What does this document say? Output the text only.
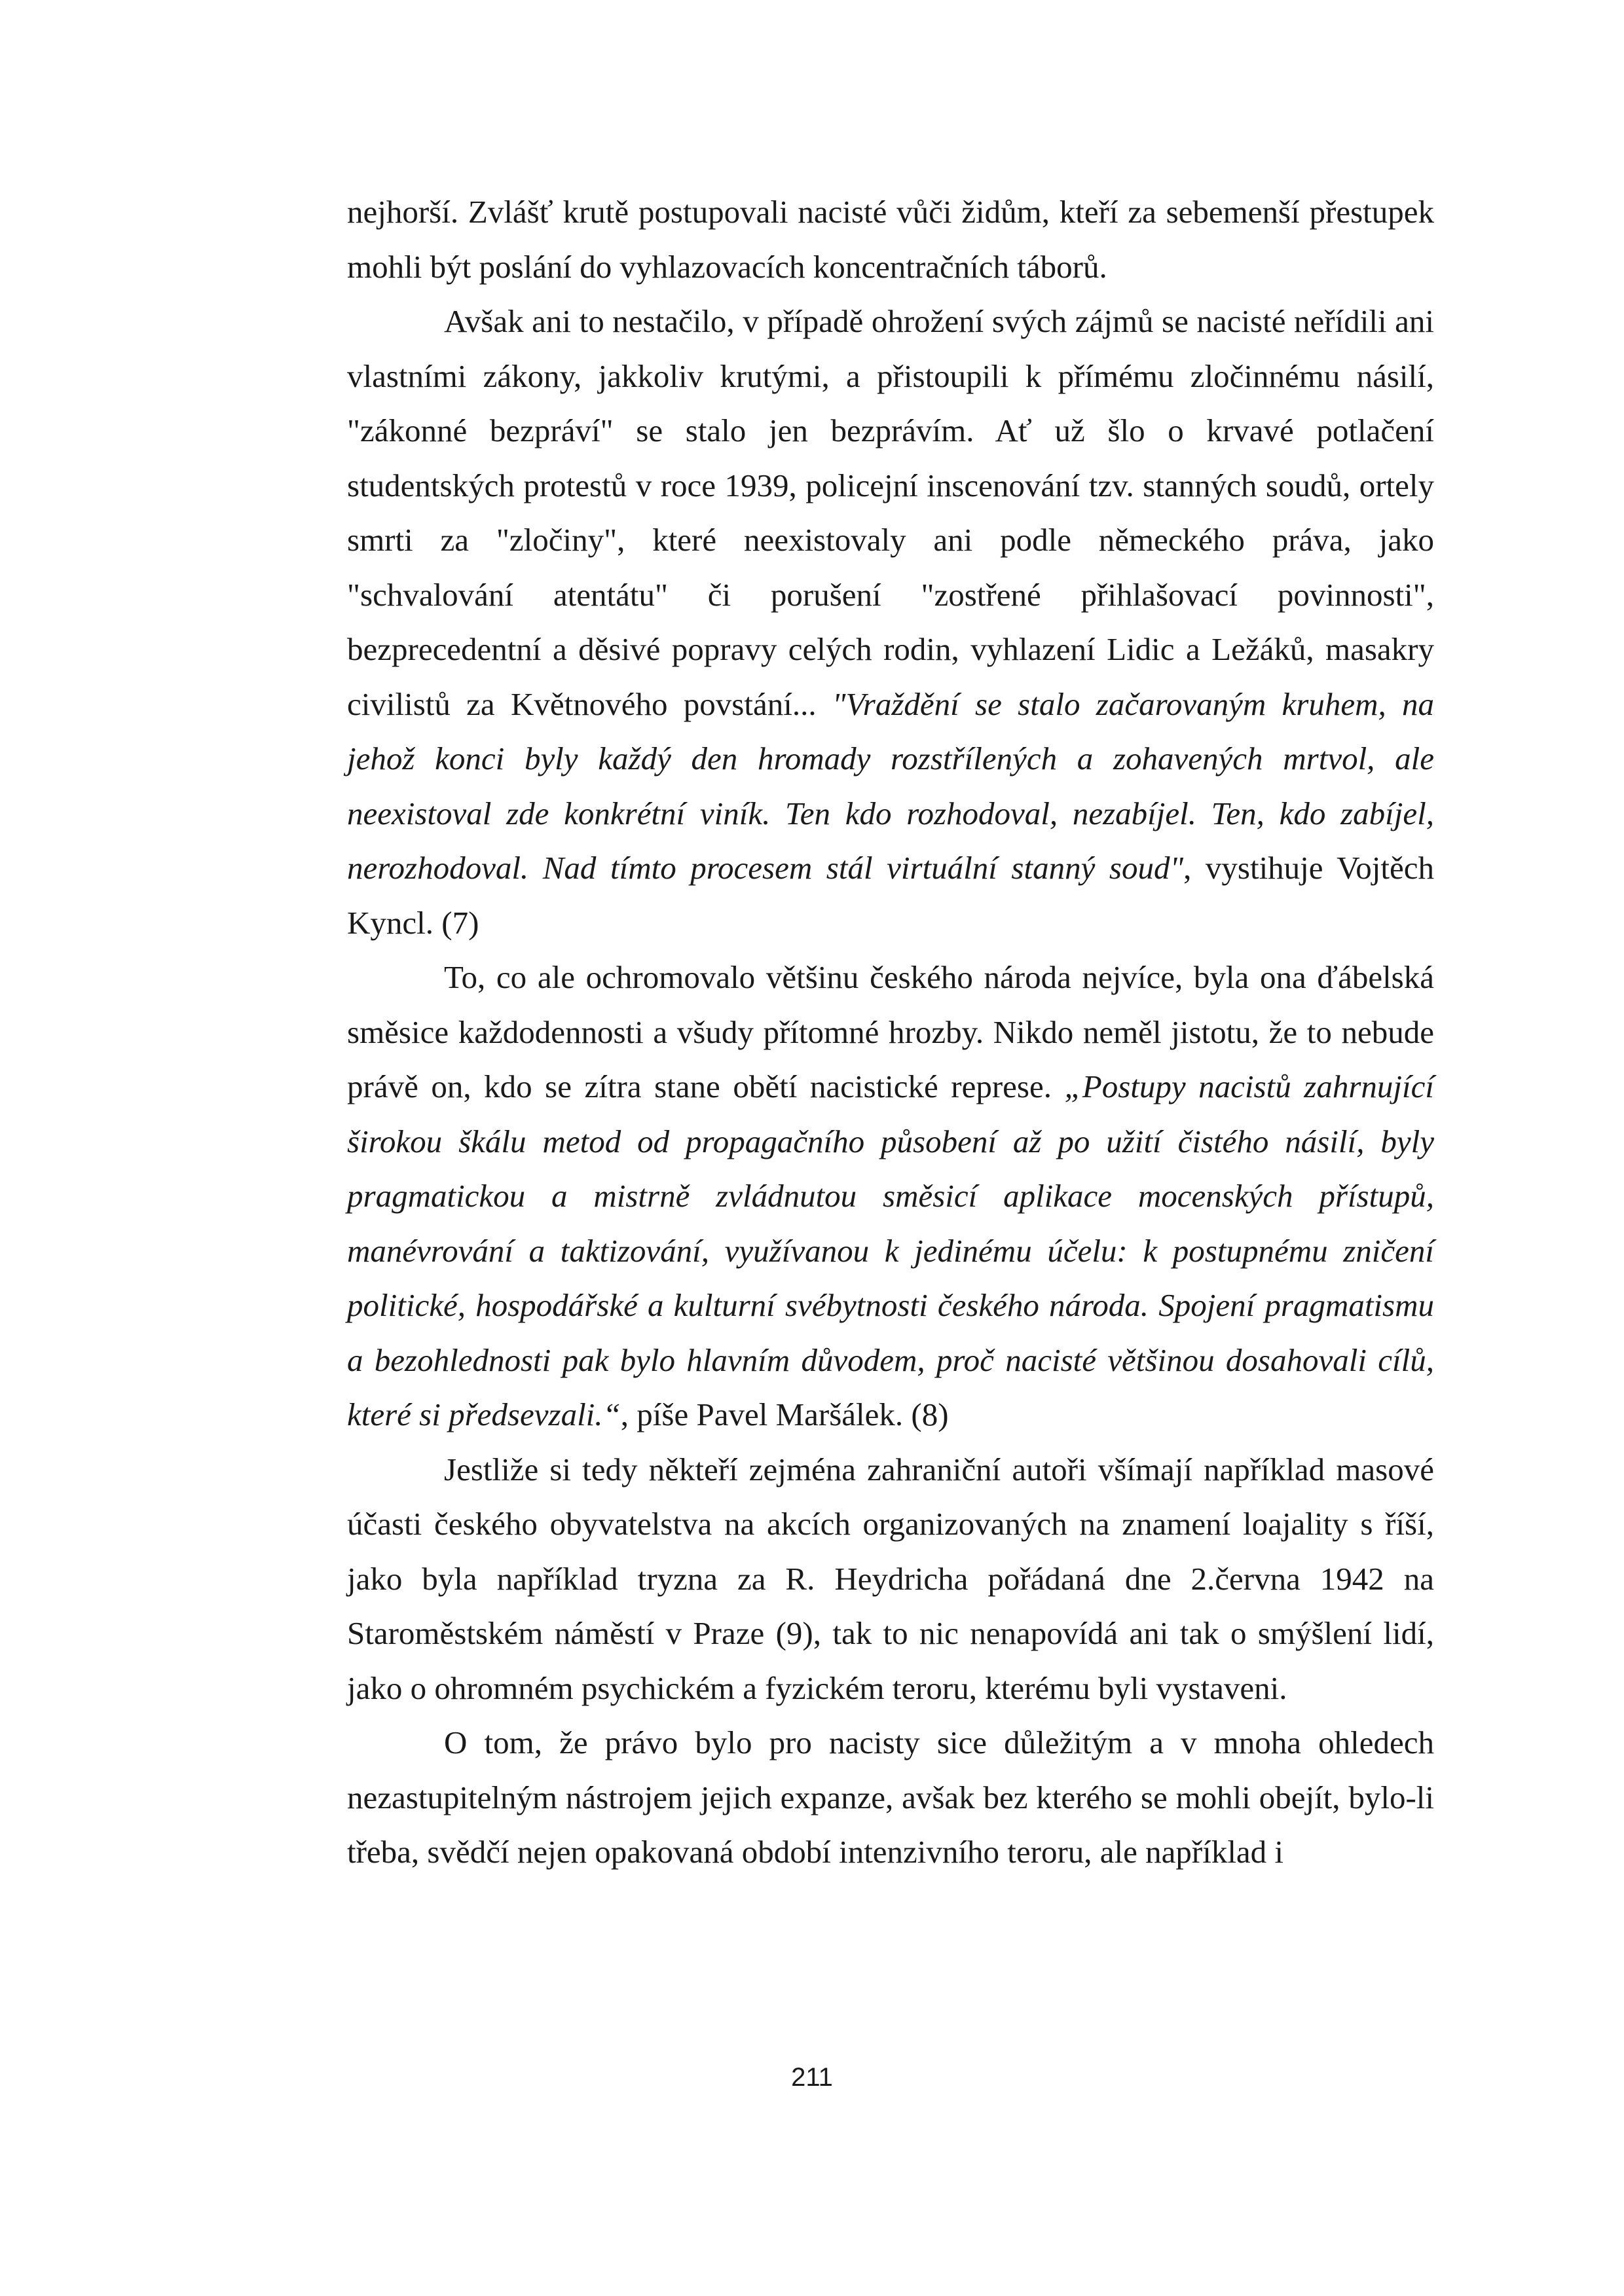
nejhorší. Zvlášť krutě postupovali nacisté vůči židům, kteří za sebemenší přestupek mohli být poslání do vyhlazovacích koncentračních táborů.

Avšak ani to nestačilo, v případě ohrožení svých zájmů se nacisté neřídili ani vlastními zákony, jakkoliv krutými, a přistoupili k přímému zločinnému násilí, "zákonné bezpráví" se stalo jen bezprávím. Ať už šlo o krvavé potlačení studentských protestů v roce 1939, policejní inscenování tzv. stanných soudů, ortely smrti za "zločiny", které neexistovaly ani podle německého práva, jako "schvalování atentátu" či porušení "zostřené přihlašovací povinnosti", bezprecedentní a děsivé popravy celých rodin, vyhlazení Lidic a Ležáků, masakry civilistů za Květnového povstání... "Vraždění se stalo začarovaným kruhem, na jehož konci byly každý den hromady rozstřílených a zohavených mrtvol, ale neexistoval zde konkrétní viník. Ten kdo rozhodoval, nezabíjel. Ten, kdo zabíjel, nerozhodoval. Nad tímto procesem stál virtuální stanný soud", vystihuje Vojtěch Kyncl. (7)

To, co ale ochromovalo většinu českého národa nejvíce, byla ona ďábelská směsice každodennosti a všudy přítomné hrozby. Nikdo neměl jistotu, že to nebude právě on, kdo se zítra stane obětí nacistické represe. „Postupy nacistů zahrnující širokou škálu metod od propagačního působení až po užití čistého násilí, byly pragmatickou a mistrně zvládnutou směsicí aplikace mocenských přístupů, manévrování a taktizování, využívanou k jedinému účelu: k postupnému zničení politické, hospodářské a kulturní svébytnosti českého národa. Spojení pragmatismu a bezohlednosti pak bylo hlavním důvodem, proč nacisté většinou dosahovali cílů, které si předsevzali.“, píše Pavel Maršálek. (8)

Jestliže si tedy někteří zejména zahraniční autoři všímají například masové účasti českého obyvatelstva na akcích organizovaných na znamení loajality s říší, jako byla například tryzna za R. Heydricha pořádaná dne 2.června 1942 na Staroměstském náměstí v Praze (9), tak to nic nenapovídá ani tak o smýšlení lidí, jako o ohromném psychickém a fyzickém teroru, kterému byli vystaveni.

O tom, že právo bylo pro nacisty sice důležitým a v mnoha ohledech nezastupitelným nástrojem jejich expanze, avšak bez kterého se mohli obejít, bylo-li třeba, svědčí nejen opakovaná období intenzivního teroru, ale například i

211
